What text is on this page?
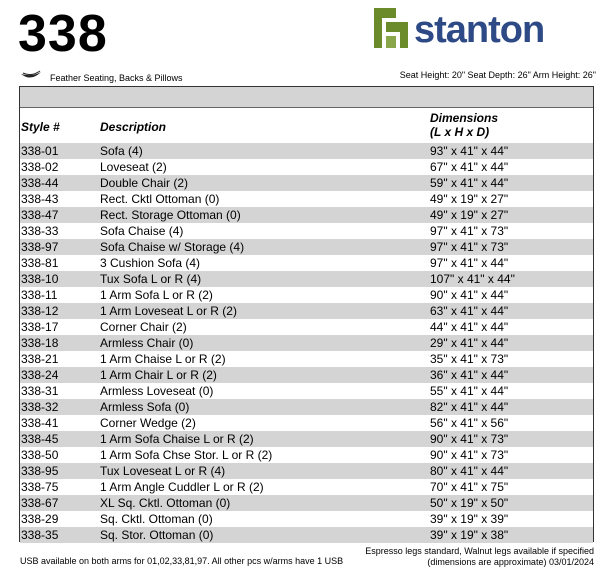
338	stanton
Feather Seating, Backs & Pillows	Seat Height: 20" Seat Depth: 26" Arm Height: 26"
Style #	Description
Dimensions
(L x H x D)
338-01	Sofa (4)	93" x 41" x 44"
338-02	Loveseat (2)	67" x 41" x 44"
338-44	Double Chair (2)	59" x 41" x 44"
338-43	Rect. Cktl Ottoman (0)	49" x 19" x 27"
338-47	Rect. Storage Ottoman (0)	49" x 19" x 27"
338-33	Sofa Chaise (4)	97" x 41" x 73"
338-97	Sofa Chaise w/ Storage (4)	97" x 41" x 73"
338-81	3 Cushion Sofa (4)	97" x 41" x 44"
338-10	Tux Sofa L or R (4)	107" x 41" x 44"
338-11	1 Arm Sofa L or R (2)	90" x 41" x 44"
338-12	1 Arm Loveseat L or R (2)	63" x 41" x 44"
338-17	Corner Chair (2)	44" x 41" x 44"
338-18	Armless Chair (0)	29" x 41" x 44"
338-21	1 Arm Chaise L or R (2)	35" x 41" x 73"
338-24	1 Arm Chair L or R (2)	36" x 41" x 44"
338-31	Armless Loveseat (0)	55" x 41" x 44"
338-32	Armless Sofa (0)	82" x 41" x 44"
338-41	Corner Wedge (2)	56" x 41" x 56"
338-45	1 Arm Sofa Chaise L or R (2)	90" x 41" x 73"
338-50	1 Arm Sofa Chse Stor. L or R (2)	90" x 41" x 73"
338-95	Tux Loveseat L or R (4)	80" x 41" x 44"
338-75	1 Arm Angle Cuddler L or R (2)	70" x 41" x 75"
338-67	XL Sq. Cktl. Ottoman (0)	50" x 19" x 50"
338-29	Sq. Cktl. Ottoman (0)	39" x 19" x 39"
338-35	Sq. Stor. Ottoman (0)	39" x 19" x 38"
USB available on both arms for 01,02,33,81,97. All other pcs w/arms have 1 USB
Espresso legs standard, Walnut legs available if specified
(dimensions are approximate) 03/01/2024
